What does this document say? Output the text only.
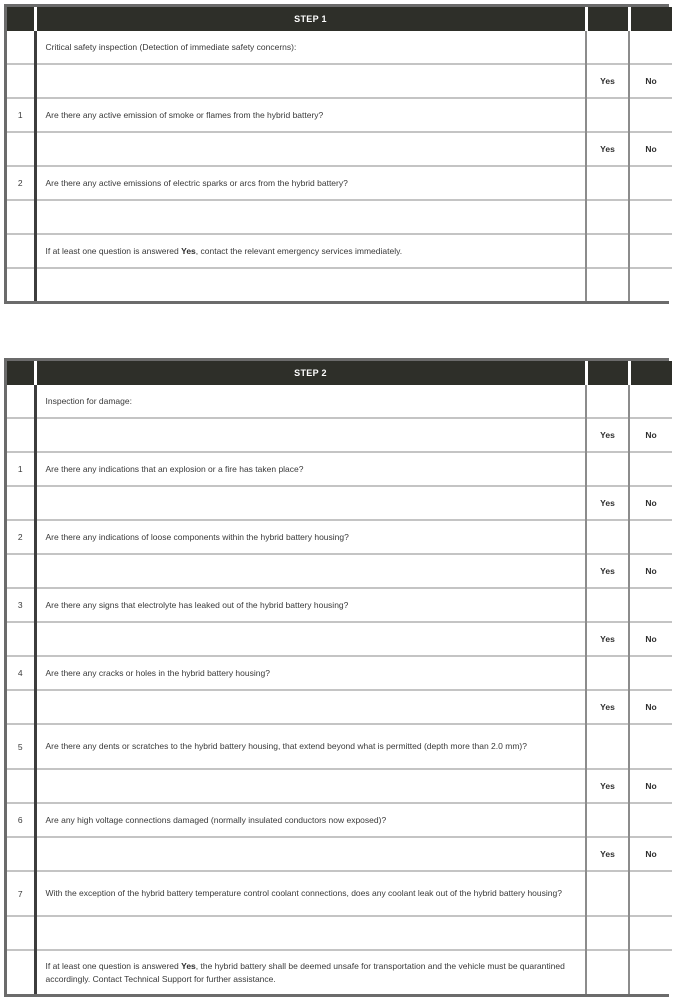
	STEP 1		

	Critical safety inspection (Detection of immediate safety concerns):		

	Yes	No
1	Are there any active emission of smoke or flames from the hybrid battery?		

	Yes	No
2	Are there any active emissions of electric sparks or arcs from the hybrid battery?		

	If at least one question is answered Yes, contact the relevant emergency services immediately.		

	STEP 2		

	Inspection for damage:		

	Yes	No
1	Are there any indications that an explosion or a fire has taken place?		

	Yes	No
2	Are there any indications of loose components within the hybrid battery housing?		

	Yes	No
3	Are there any signs that electrolyte has leaked out of the hybrid battery housing?		

	Yes	No
4	Are there any cracks or holes in the hybrid battery housing?		

	Yes	No
5	Are there any dents or scratches to the hybrid battery housing, that extend beyond what is permitted (depth more than 2.0 mm)?		

	Yes	No
6	Are any high voltage connections damaged (normally insulated conductors now exposed)?		

	Yes	No
7	With the exception of the hybrid battery temperature control coolant connections, does any coolant leak out of the hybrid battery housing?		

	If at least one question is answered Yes, the hybrid battery shall be deemed unsafe for transportation and the vehicle must be quarantined accordingly. Contact Technical Support for further assistance.		
